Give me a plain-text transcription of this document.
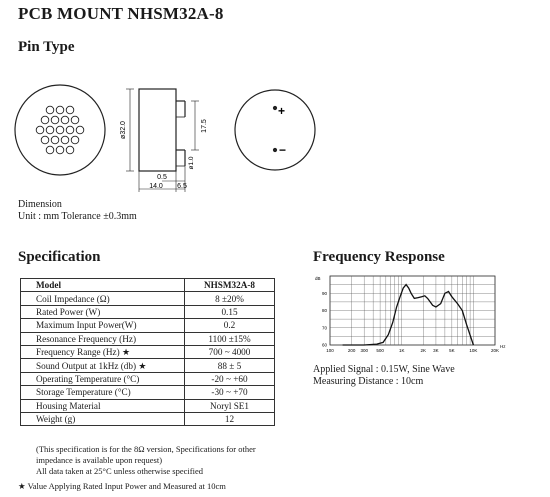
PCB MOUNT NHSM32A-8
Pin Type
ø32.0	17.5
ø1.0
0.5
14.0 6.5
+
−
Dimension
Unit : mm Tolerance ±0.3mm
Specification
Model	NHSM32A-8
Coil Impedance (Ω)	8 ±20%
Rated Power (W)	0.15
Maximum Input Power(W)	0.2
Resonance Frequency (Hz)	1100 ±15%
Frequency Range (Hz) ★	700 ~ 4000
Sound Output at 1kHz (db) ★	88 ± 5
Operating Temperature (°C)	-20 ~ +60
Storage Temperature (°C)	-30 ~ +70
Housing Material	Noryl SE1
Weight (g)	12
(This specification is for the 8Ω version, Specifications for other impedance is available upon request)
All data taken at 25°C unless otherwise specified
★ Value Applying Rated Input Power and Measured at 10cm
Frequency Response
100	200 300 500	1K	2K 3K 5K	10K	20K
90
80
70
60
dB
Hz
Applied Signal : 0.15W, Sine Wave
Measuring Distance : 10cm
